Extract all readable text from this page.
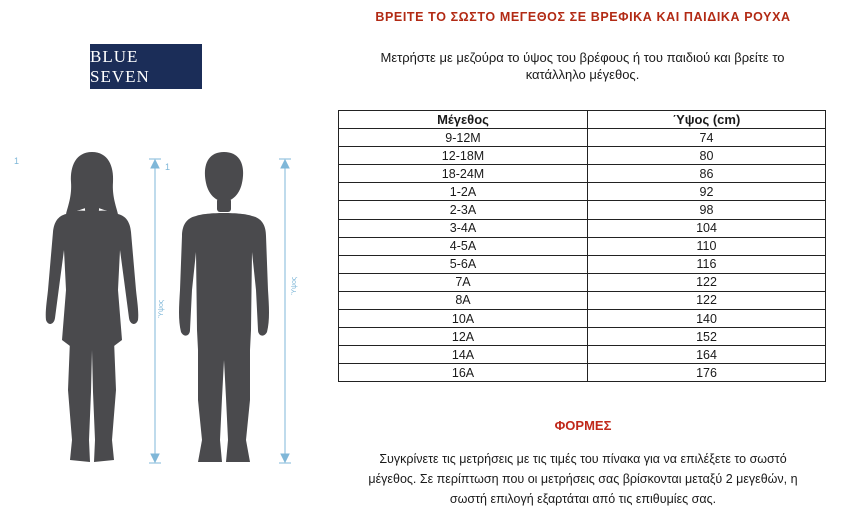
ΒΡΕΙΤΕ ΤΟ ΣΩΣΤΟ ΜΕΓΕΘΟΣ ΣΕ ΒΡΕΦΙΚΑ ΚΑΙ ΠΑΙΔΙΚΑ ΡΟΥΧΑ
Μετρήστε με μεζούρα το ύψος του βρέφους ή του παιδιού και βρείτε το
κατάλληλο μέγεθος.
BLUE SEVEN
1
Ύψος
1
Ύψος
Μέγεθος	Ύψος (cm)
9-12M	74
12-18M	80
18-24M	86
1-2A	92
2-3A	98
3-4A	104
4-5A	110
5-6A	116
7A	122
8A	122
10A	140
12A	152
14A	164
16A	176
ΦΟΡΜΕΣ
Συγκρίνετε τις μετρήσεις με τις τιμές του πίνακα για να επιλέξετε το σωστό
μέγεθος. Σε περίπτωση που οι μετρήσεις σας βρίσκονται μεταξύ 2 μεγεθών, η
σωστή επιλογή εξαρτάται από τις επιθυμίες σας.
